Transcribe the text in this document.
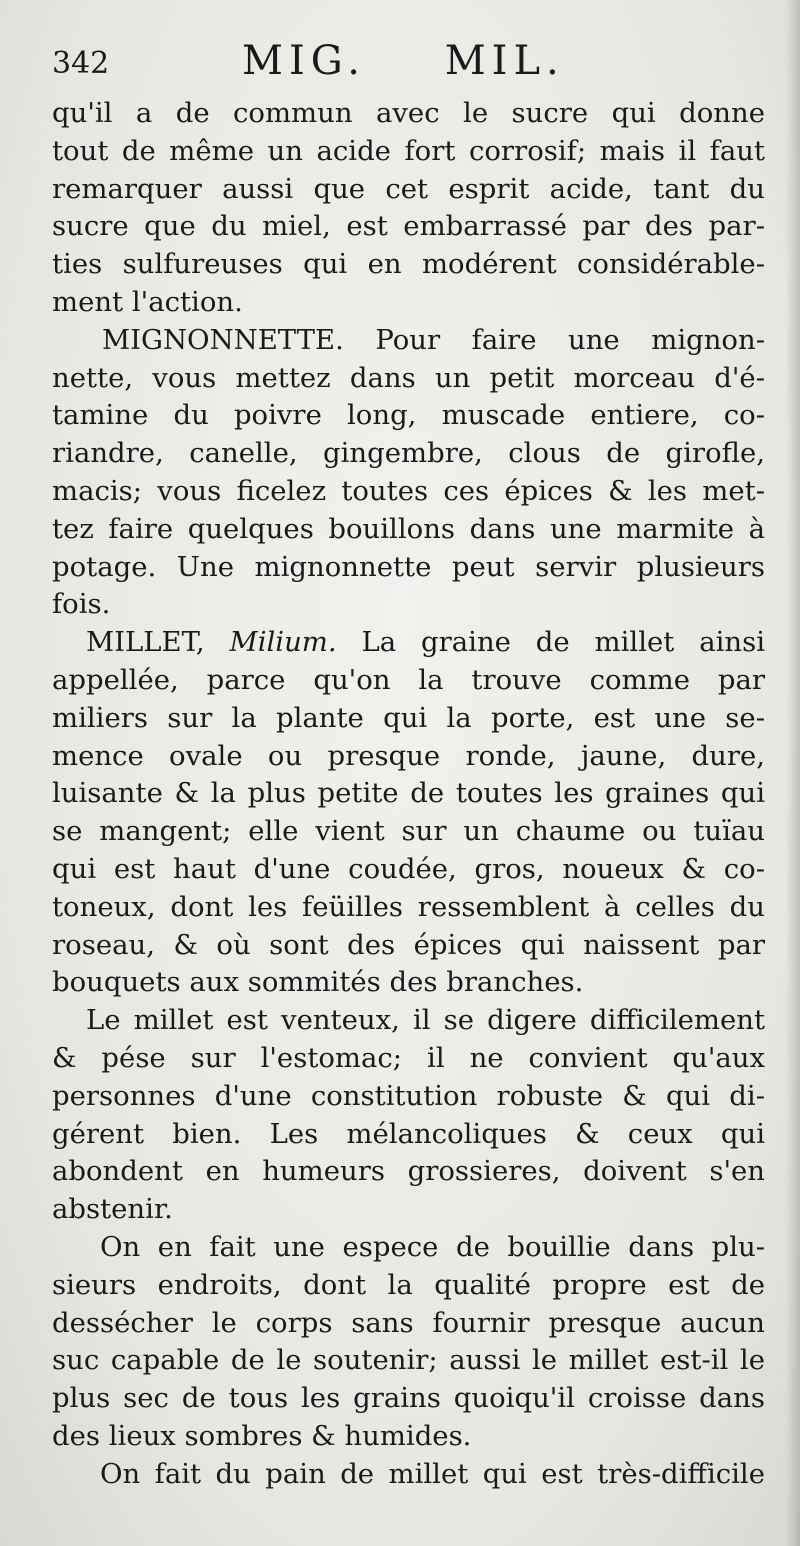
342	MIG. MIL.
qu'il a de commun avec le sucre qui donne
tout de même un acide fort corrosif; mais il faut
remarquer aussi que cet esprit acide, tant du
sucre que du miel, est embarrassé par des par-
ties sulfureuses qui en modérent considérable-
ment l'action.
MIGNONNETTE. Pour faire une mignon-
nette, vous mettez dans un petit morceau d'é-
tamine du poivre long, muscade entiere, co-
riandre, canelle, gingembre, clous de girofle,
macis; vous ficelez toutes ces épices & les met-
tez faire quelques bouillons dans une marmite à
potage. Une mignonnette peut servir plusieurs
fois.
MILLET, Milium. La graine de millet ainsi
appellée, parce qu'on la trouve comme par
miliers sur la plante qui la porte, est une se-
mence ovale ou presque ronde, jaune, dure,
luisante & la plus petite de toutes les graines qui
se mangent; elle vient sur un chaume ou tuïau
qui est haut d'une coudée, gros, noueux & co-
toneux, dont les feüilles ressemblent à celles du
roseau, & où sont des épices qui naissent par
bouquets aux sommités des branches.
Le millet est venteux, il se digere difficilement
& pése sur l'estomac; il ne convient qu'aux
personnes d'une constitution robuste & qui di-
gérent bien. Les mélancoliques & ceux qui
abondent en humeurs grossieres, doivent s'en
abstenir.
On en fait une espece de bouillie dans plu-
sieurs endroits, dont la qualité propre est de
dessécher le corps sans fournir presque aucun
suc capable de le soutenir; aussi le millet est-il le
plus sec de tous les grains quoiqu'il croisse dans
des lieux sombres & humides.
On fait du pain de millet qui est très-difficile
